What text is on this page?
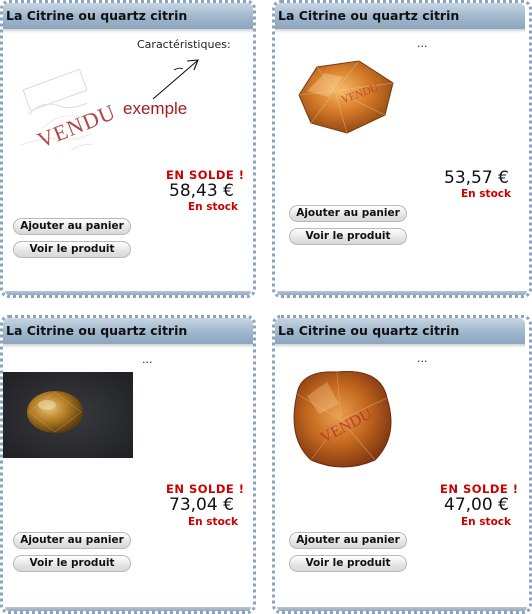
La Citrine ou quartz citrin
Caractéristiques:
VENDU exemple
EN SOLDE !
58,43 €
En stock
Ajouter au panier
Voir le produit
La Citrine ou quartz citrin
...
VENDU
53,57 €
En stock
Ajouter au panier
Voir le produit
La Citrine ou quartz citrin
...
EN SOLDE !
73,04 €
En stock
Ajouter au panier
Voir le produit
La Citrine ou quartz citrin
...
VENDU
EN SOLDE !
47,00 €
En stock
Ajouter au panier
Voir le produit
